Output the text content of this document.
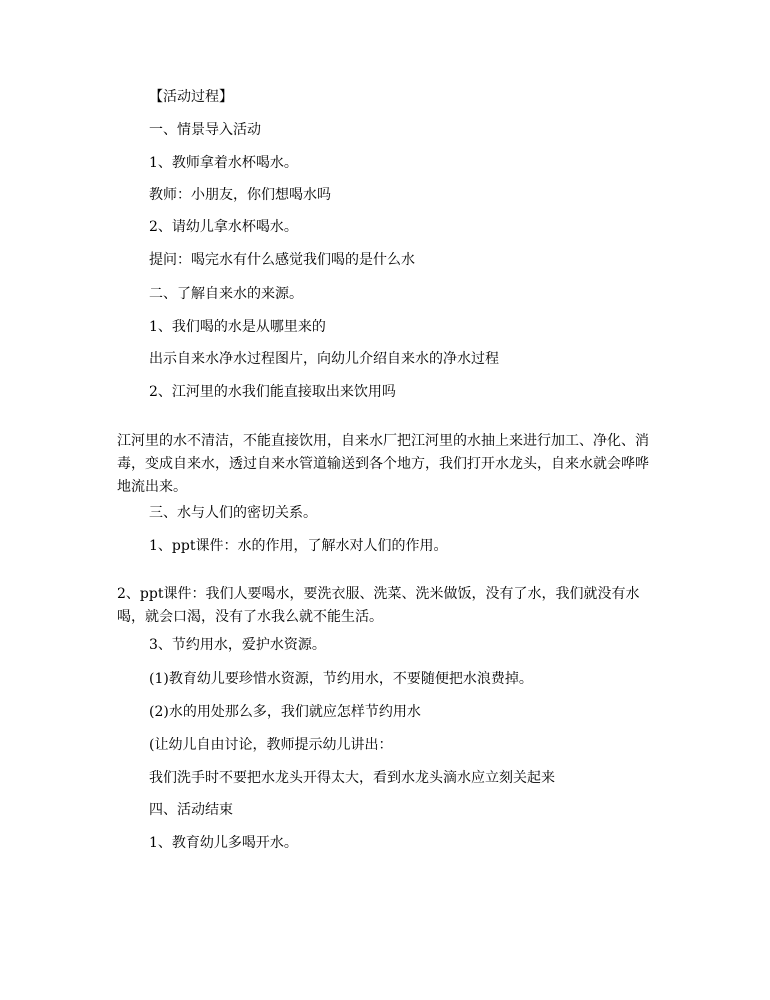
【活动过程】
一、情景导入活动
1、教师拿着水杯喝水。
教师：小朋友，你们想喝水吗
2、请幼儿拿水杯喝水。
提问：喝完水有什么感觉我们喝的是什么水
二、了解自来水的来源。
1、我们喝的水是从哪里来的
出示自来水净水过程图片，向幼儿介绍自来水的净水过程
2、江河里的水我们能直接取出来饮用吗
江河里的水不清洁，不能直接饮用，自来水厂把江河里的水抽上来进行加工、净化、消毒，变成自来水，透过自来水管道输送到各个地方，我们打开水龙头，自来水就会哗哗地流出来。
三、水与人们的密切关系。
1、ppt课件：水的作用，了解水对人们的作用。
2、ppt课件：我们人要喝水，要洗衣服、洗菜、洗米做饭，没有了水，我们就没有水喝，就会口渴，没有了水我么就不能生活。
3、节约用水，爱护水资源。
(1)教育幼儿要珍惜水资源，节约用水，不要随便把水浪费掉。
(2)水的用处那么多，我们就应怎样节约用水
(让幼儿自由讨论，教师提示幼儿讲出：
我们洗手时不要把水龙头开得太大，看到水龙头滴水应立刻关起来
四、活动结束
1、教育幼儿多喝开水。
